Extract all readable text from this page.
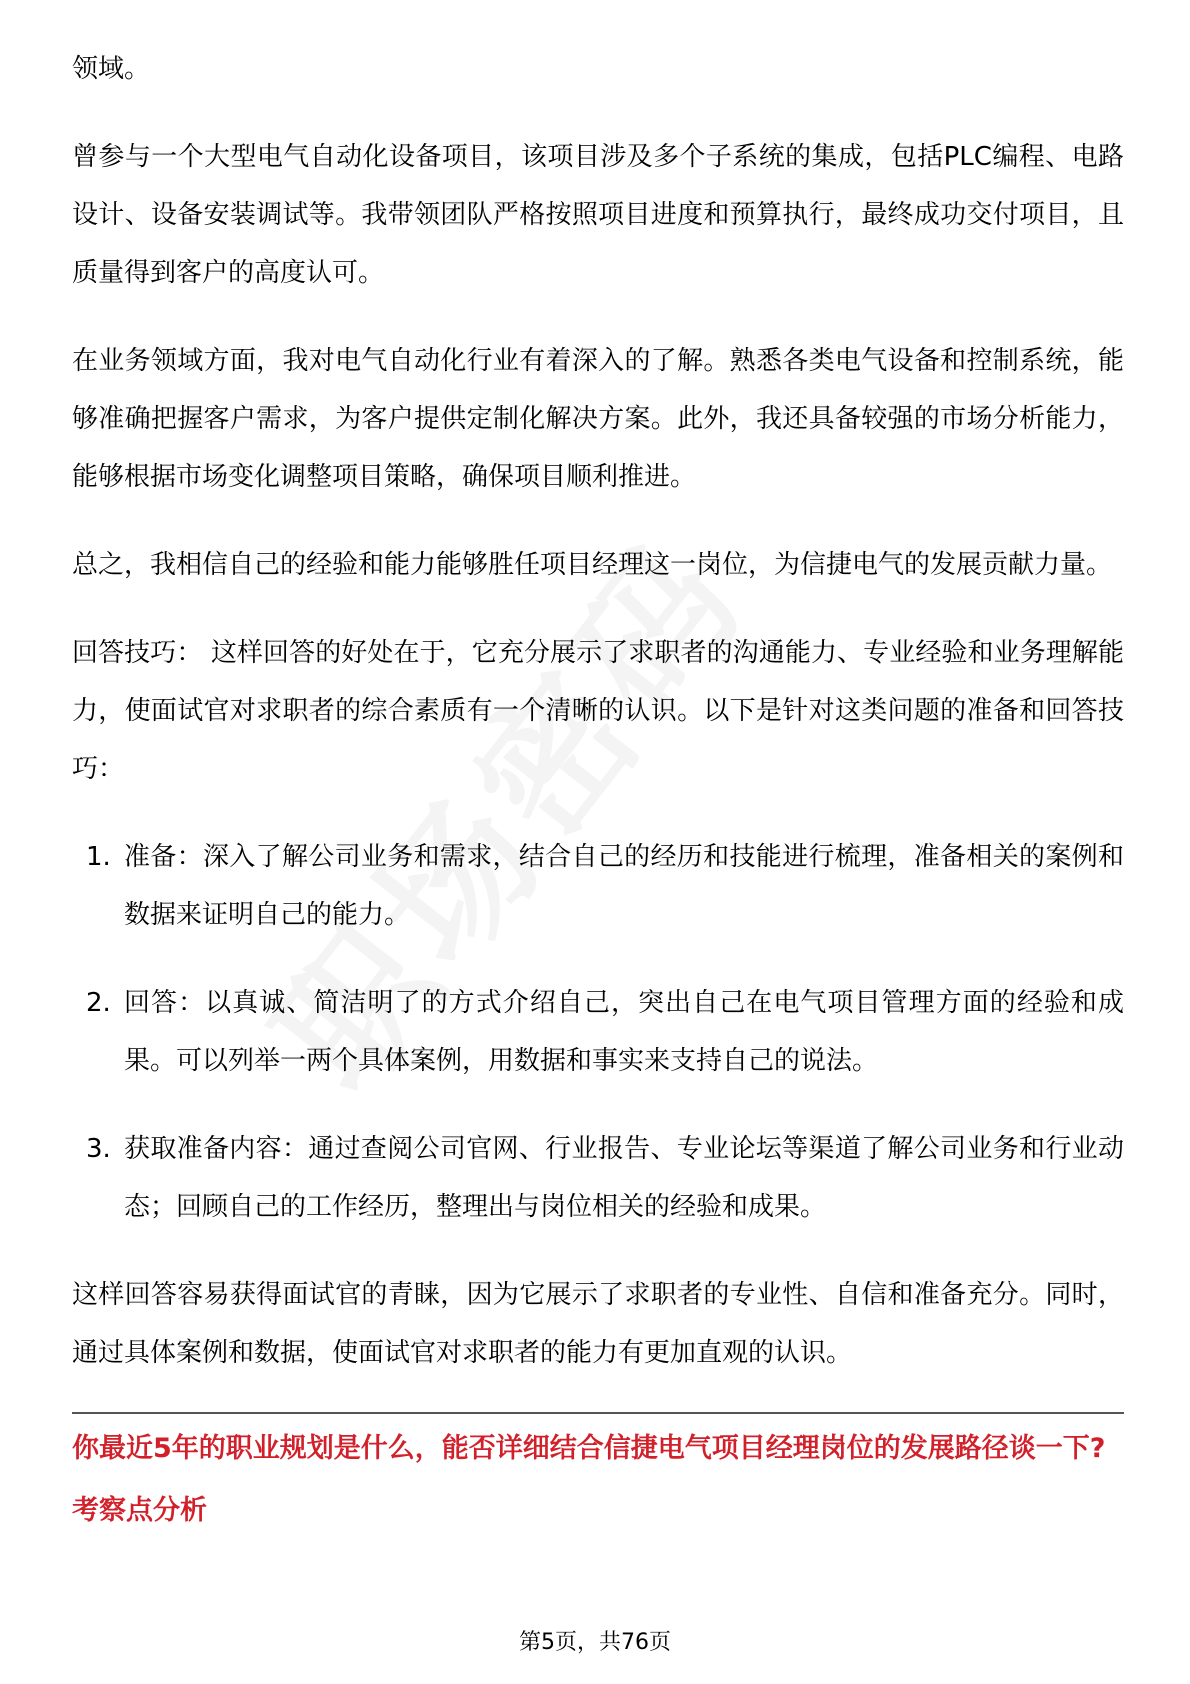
领域。

曾参与一个大型电气自动化设备项目，该项目涉及多个子系统的集成，包括PLC编程、电路设计、设备安装调试等。我带领团队严格按照项目进度和预算执行，最终成功交付项目，且质量得到客户的高度认可。

在业务领域方面，我对电气自动化行业有着深入的了解。熟悉各类电气设备和控制系统，能够准确把握客户需求，为客户提供定制化解决方案。此外，我还具备较强的市场分析能力，能够根据市场变化调整项目策略，确保项目顺利推进。

总之，我相信自己的经验和能力能够胜任项目经理这一岗位，为信捷电气的发展贡献力量。

回答技巧： 这样回答的好处在于，它充分展示了求职者的沟通能力、专业经验和业务理解能力，使面试官对求职者的综合素质有一个清晰的认识。以下是针对这类问题的准备和回答技巧：

1. 准备：深入了解公司业务和需求，结合自己的经历和技能进行梳理，准备相关的案例和数据来证明自己的能力。
2. 回答：以真诚、简洁明了的方式介绍自己，突出自己在电气项目管理方面的经验和成果。可以列举一两个具体案例，用数据和事实来支持自己的说法。
3. 获取准备内容：通过查阅公司官网、行业报告、专业论坛等渠道了解公司业务和行业动态；回顾自己的工作经历，整理出与岗位相关的经验和成果。

这样回答容易获得面试官的青睐，因为它展示了求职者的专业性、自信和准备充分。同时，通过具体案例和数据，使面试官对求职者的能力有更加直观的认识。

你最近5年的职业规划是什么，能否详细结合信捷电气项目经理岗位的发展路径谈一下?

考察点分析

第5页，共76页
